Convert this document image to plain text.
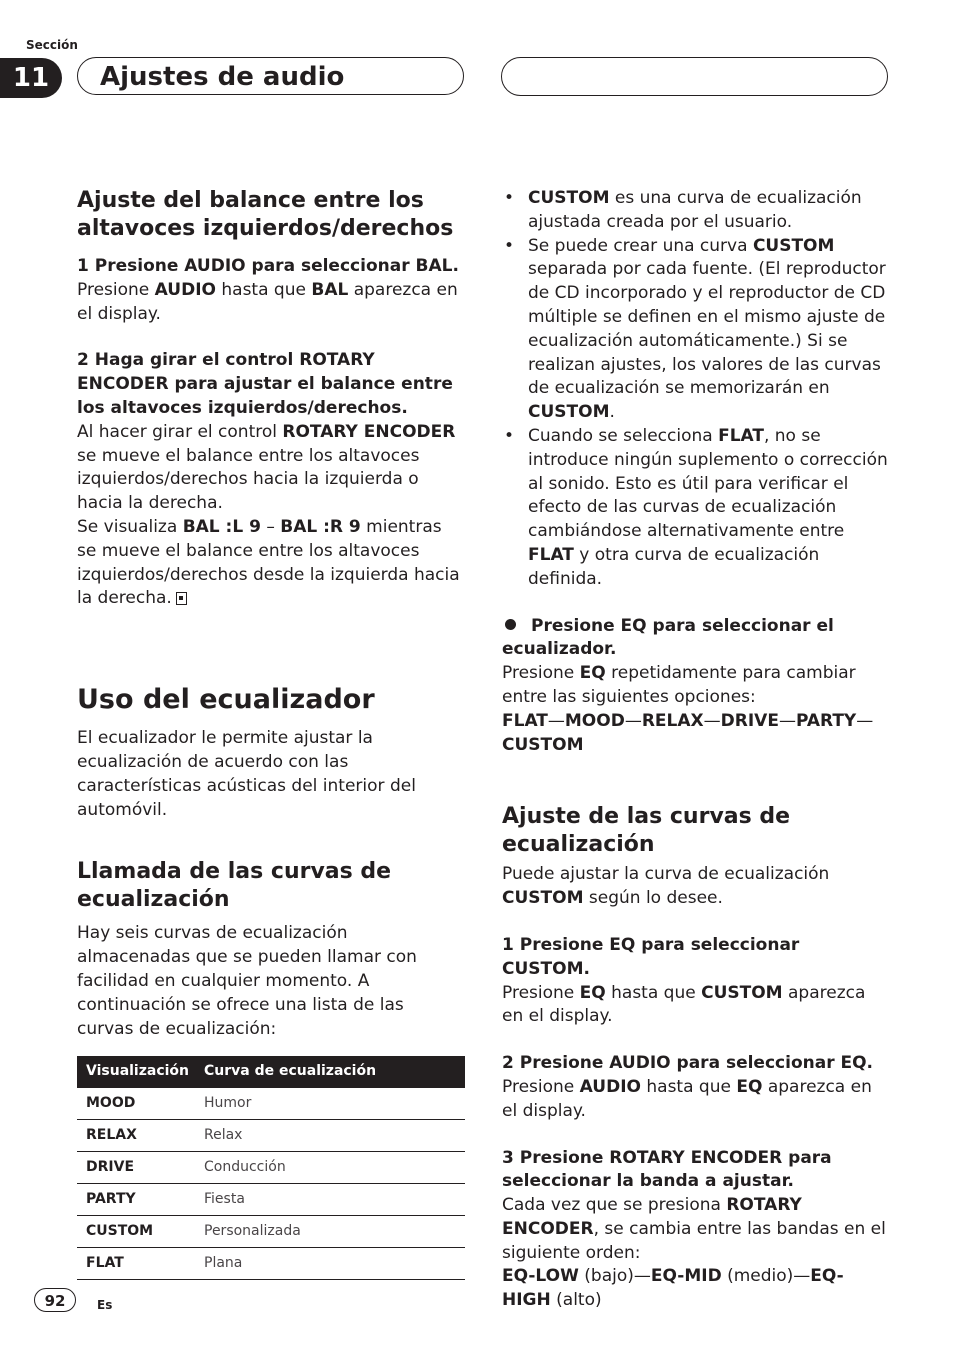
Sección
11	Ajustes de audio
Ajuste del balance entre los altavoces izquierdos/derechos

1 Presione AUDIO para seleccionar BAL.

Presione AUDIO hasta que BAL aparezca en el display.

2 Haga girar el control ROTARY ENCODER para ajustar el balance entre los altavoces izquierdos/derechos.

Al hacer girar el control ROTARY ENCODER se mueve el balance entre los altavoces izquierdos/derechos hacia la izquierda o hacia la derecha.

Se visualiza BAL :L 9 – BAL :R 9 mientras se mueve el balance entre los altavoces izquierdos/derechos desde la izquierda hacia la derecha.

Uso del ecualizador

El ecualizador le permite ajustar la ecualización de acuerdo con las características acústicas del interior del automóvil.

Llamada de las curvas de ecualización

Hay seis curvas de ecualización almacenadas que se pueden llamar con facilidad en cualquier momento. A continuación se ofrece una lista de las curvas de ecualización:

Visualización	Curva de ecualización
MOOD	Humor
RELAX	Relax
DRIVE	Conducción
PARTY	Fiesta
CUSTOM	Personalizada
FLAT	Plana
• CUSTOM es una curva de ecualización ajustada creada por el usuario.
• Se puede crear una curva CUSTOM separada por cada fuente. (El reproductor de CD incorporado y el reproductor de CD múltiple se definen en el mismo ajuste de ecualización automáticamente.) Si se realizan ajustes, los valores de las curvas de ecualización se memorizarán en CUSTOM.
• Cuando se selecciona FLAT, no se introduce ningún suplemento o corrección al sonido. Esto es útil para verificar el efecto de las curvas de ecualización cambiándose alternativamente entre FLAT y otra curva de ecualización definida.

Presione EQ para seleccionar el ecualizador.

Presione EQ repetidamente para cambiar entre las siguientes opciones:

FLAT—MOOD—RELAX—DRIVE—PARTY—CUSTOM

Ajuste de las curvas de ecualización

Puede ajustar la curva de ecualización CUSTOM según lo desee.

1 Presione EQ para seleccionar CUSTOM.

Presione EQ hasta que CUSTOM aparezca en el display.

2 Presione AUDIO para seleccionar EQ.

Presione AUDIO hasta que EQ aparezca en el display.

3 Presione ROTARY ENCODER para seleccionar la banda a ajustar.

Cada vez que se presiona ROTARY ENCODER, se cambia entre las bandas en el siguiente orden:

EQ-LOW (bajo)—EQ-MID (medio)—EQ-HIGH (alto)

92	Es
